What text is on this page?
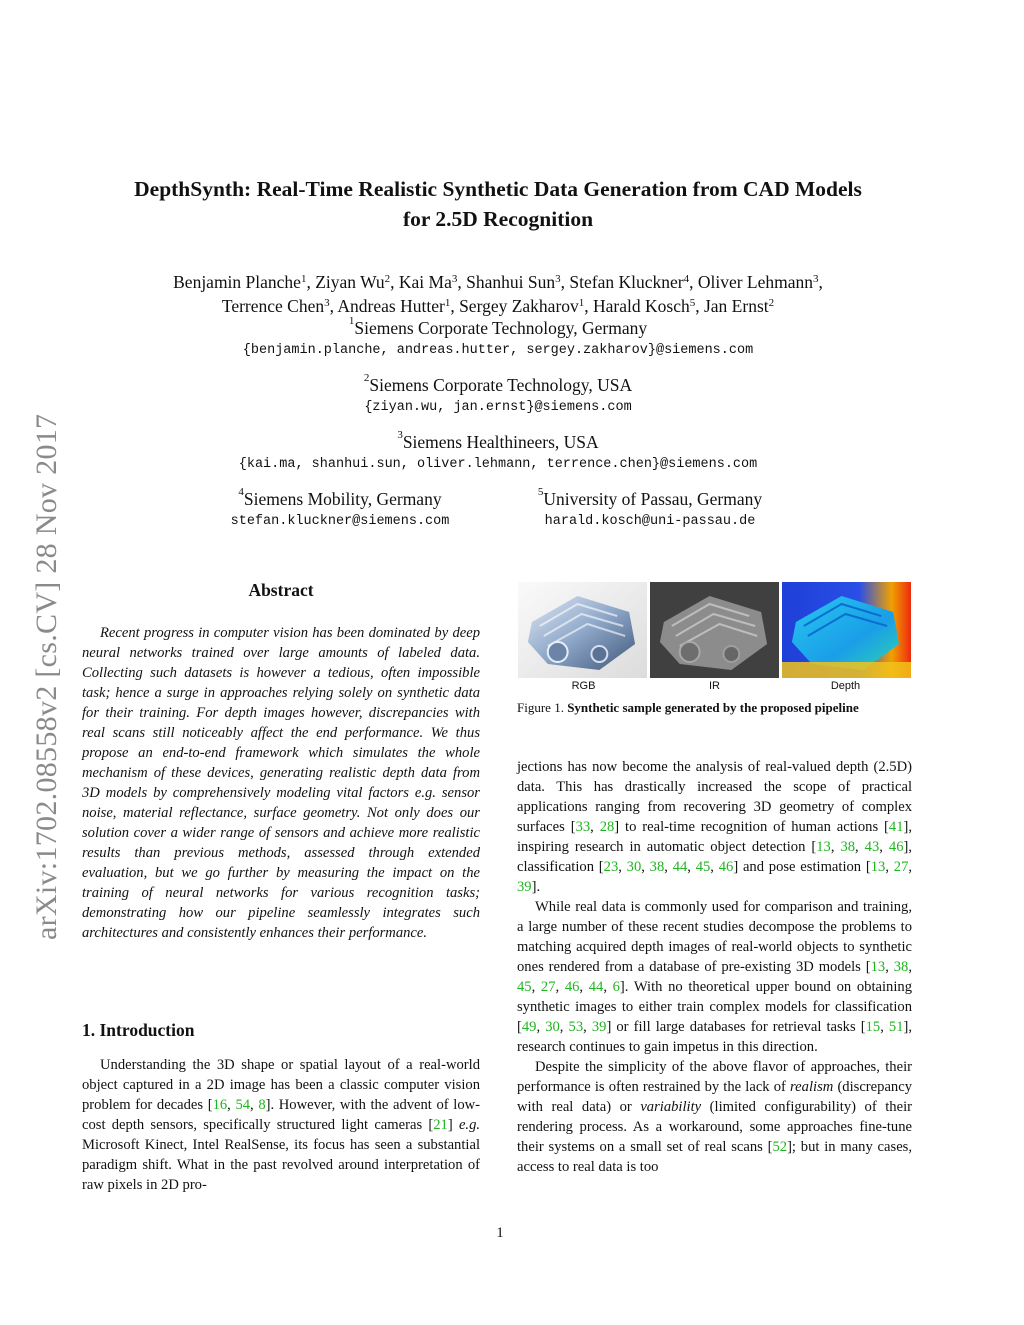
arXiv:1702.08558v2 [cs.CV] 28 Nov 2017
DepthSynth: Real-Time Realistic Synthetic Data Generation from CAD Models
for 2.5D Recognition
Benjamin Planche$^1$, Ziyan Wu$^2$, Kai Ma$^3$, Shanhui Sun$^3$, Stefan Kluckner$^4$, Oliver Lehmann$^3$,
Terrence Chen$^3$, Andreas Hutter$^1$, Sergey Zakharov$^1$, Harald Kosch$^5$, Jan Ernst$^2$
$^1$Siemens Corporate Technology, Germany
{benjamin.planche, andreas.hutter, sergey.zakharov}@siemens.com
$^2$Siemens Corporate Technology, USA
{ziyan.wu, jan.ernst}@siemens.com
$^3$Siemens Healthineers, USA
{kai.ma, shanhui.sun, oliver.lehmann, terrence.chen}@siemens.com
$^4$Siemens Mobility, Germany
stefan.kluckner@siemens.com
$^5$University of Passau, Germany
harald.kosch@uni-passau.de
Abstract

Recent progress in computer vision has been dominated by deep neural networks trained over large amounts of labeled data. Collecting such datasets is however a tedious, often impossible task; hence a surge in approaches relying solely on synthetic data for their training. For depth images however, discrepancies with real scans still noticeably affect the end performance. We thus propose an end-to-end framework which simulates the whole mechanism of these devices, generating realistic depth data from 3D models by comprehensively modeling vital factors e.g. sensor noise, material reflectance, surface geometry. Not only does our solution cover a wider range of sensors and achieve more realistic results than previous methods, assessed through extended evaluation, but we go further by measuring the impact on the training of neural networks for various recognition tasks; demonstrating how our pipeline seamlessly integrates such architectures and consistently enhances their performance.

1. Introduction

Understanding the 3D shape or spatial layout of a real-world object captured in a 2D image has been a classic computer vision problem for decades [16, 54, 8]. However, with the advent of low-cost depth sensors, specifically structured light cameras [21] e.g. Microsoft Kinect, Intel RealSense, its focus has seen a substantial paradigm shift. What in the past revolved around interpretation of raw pixels in 2D pro-

RGB	IR	Depth
Figure 1. Synthetic sample generated by the proposed pipeline

jections has now become the analysis of real-valued depth (2.5D) data. This has drastically increased the scope of practical applications ranging from recovering 3D geometry of complex surfaces [33, 28] to real-time recognition of human actions [41], inspiring research in automatic object detection [13, 38, 43, 46], classification [23, 30, 38, 44, 45, 46] and pose estimation [13, 27, 39].

While real data is commonly used for comparison and training, a large number of these recent studies decompose the problems to matching acquired depth images of real-world objects to synthetic ones rendered from a database of pre-existing 3D models [13, 38, 45, 27, 46, 44, 6]. With no theoretical upper bound on obtaining synthetic images to either train complex models for classification [49, 30, 53, 39] or fill large databases for retrieval tasks [15, 51], research continues to gain impetus in this direction.

Despite the simplicity of the above flavor of approaches, their performance is often restrained by the lack of realism (discrepancy with real data) or variability (limited configurability) of their rendering process. As a workaround, some approaches fine-tune their systems on a small set of real scans [52]; but in many cases, access to real data is too

1
